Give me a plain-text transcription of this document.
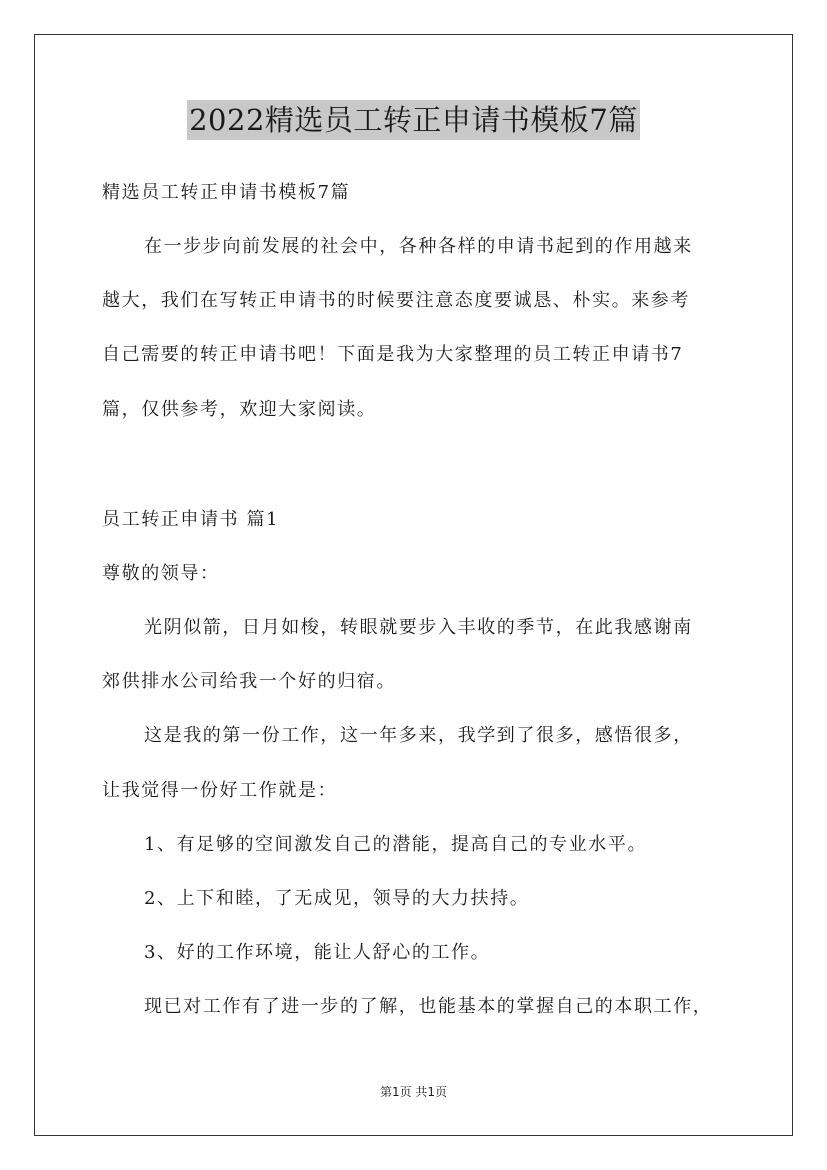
2022精选员工转正申请书模板7篇
精选员工转正申请书模板7篇
在一步步向前发展的社会中，各种各样的申请书起到的作用越来
越大，我们在写转正申请书的时候要注意态度要诚恳、朴实。来参考
自己需要的转正申请书吧！下面是我为大家整理的员工转正申请书7
篇，仅供参考，欢迎大家阅读。
员工转正申请书 篇1
尊敬的领导：
光阴似箭，日月如梭，转眼就要步入丰收的季节，在此我感谢南
郊供排水公司给我一个好的归宿。
这是我的第一份工作，这一年多来，我学到了很多，感悟很多，
让我觉得一份好工作就是：
1、有足够的空间激发自己的潜能，提高自己的专业水平。
2、上下和睦，了无成见，领导的大力扶持。
3、好的工作环境，能让人舒心的工作。
现已对工作有了进一步的了解，也能基本的掌握自己的本职工作，
第1页 共1页
